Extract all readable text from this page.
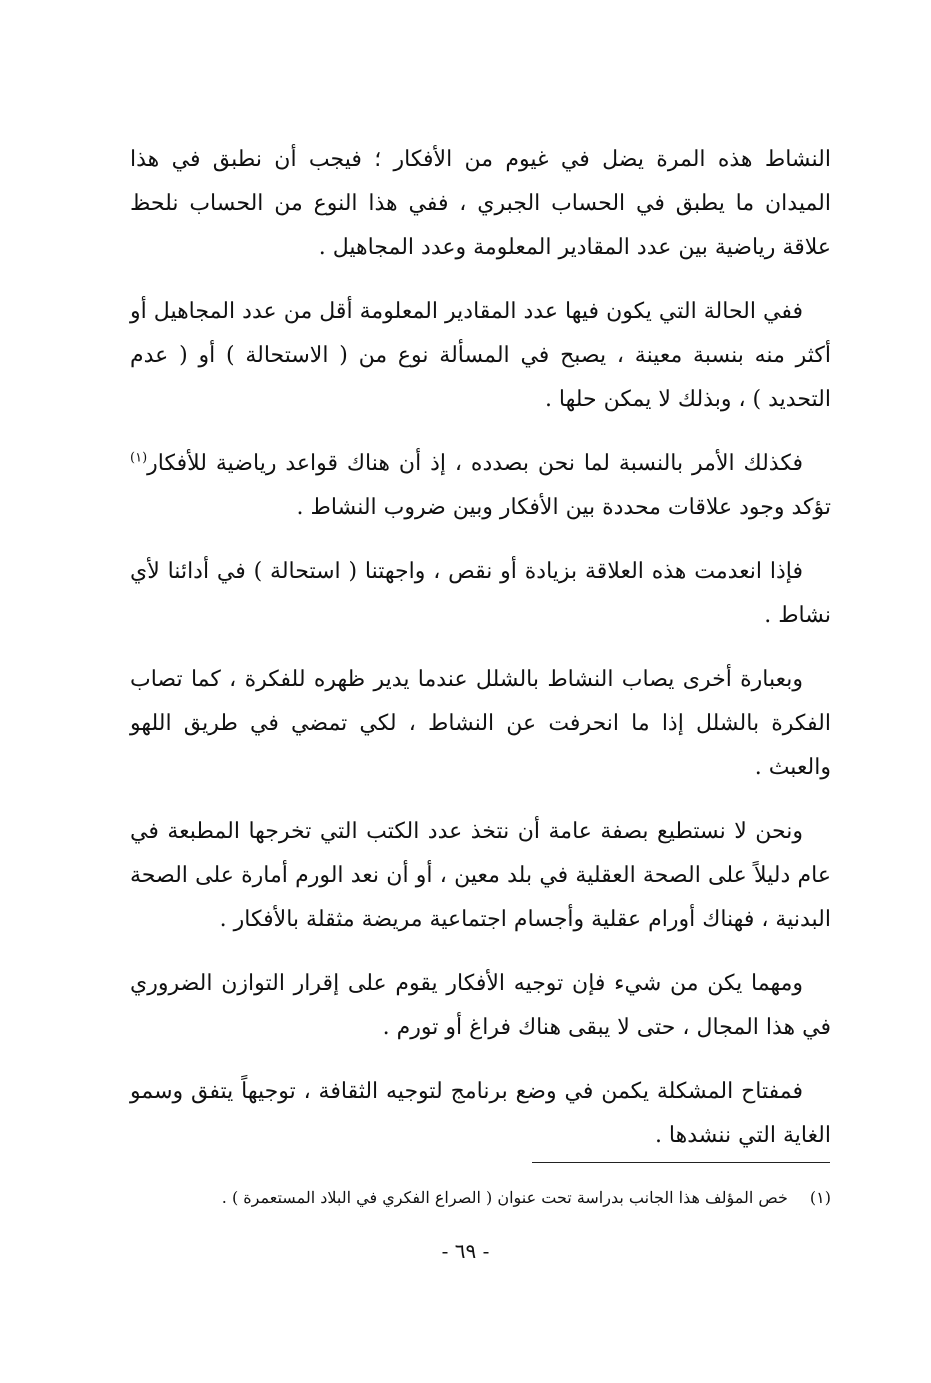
النشاط هذه المرة يضل في غيوم من الأفكار ؛ فيجب أن نطبق في هذا الميدان ما يطبق في الحساب الجبري ، ففي هذا النوع من الحساب نلحظ علاقة رياضية بين عدد المقادير المعلومة وعدد المجاهيل .

ففي الحالة التي يكون فيها عدد المقادير المعلومة أقل من عدد المجاهيل أو أكثر منه بنسبة معينة ، يصبح في المسألة نوع من ( الاستحالة ) أو ( عدم التحديد ) ، وبذلك لا يمكن حلها .

فكذلك الأمر بالنسبة لما نحن بصدده ، إذ أن هناك قواعد رياضية للأفكار$^{(١)}$ تؤكد وجود علاقات محددة بين الأفكار وبين ضروب النشاط .

فإذا انعدمت هذه العلاقة بزيادة أو نقص ، واجهتنا ( استحالة ) في أدائنا لأي نشاط .

وبعبارة أخرى يصاب النشاط بالشلل عندما يدير ظهره للفكرة ، كما تصاب الفكرة بالشلل إذا ما انحرفت عن النشاط ، لكي تمضي في طريق اللهو والعبث .

ونحن لا نستطيع بصفة عامة أن نتخذ عدد الكتب التي تخرجها المطبعة في عام دليلاً على الصحة العقلية في بلد معين ، أو أن نعد الورم أمارة على الصحة البدنية ، فهناك أورام عقلية وأجسام اجتماعية مريضة مثقلة بالأفكار .

ومهما يكن من شيء فإن توجيه الأفكار يقوم على إقرار التوازن الضروري في هذا المجال ، حتى لا يبقى هناك فراغ أو تورم .

فمفتاح المشكلة يكمن في وضع برنامج لتوجيه الثقافة ، توجيهاً يتفق وسمو الغاية التي ننشدها .

(١)خص المؤلف هذا الجانب بدراسة تحت عنوان ( الصراع الفكري في البلاد المستعمرة ) .
- ٦٩ -
